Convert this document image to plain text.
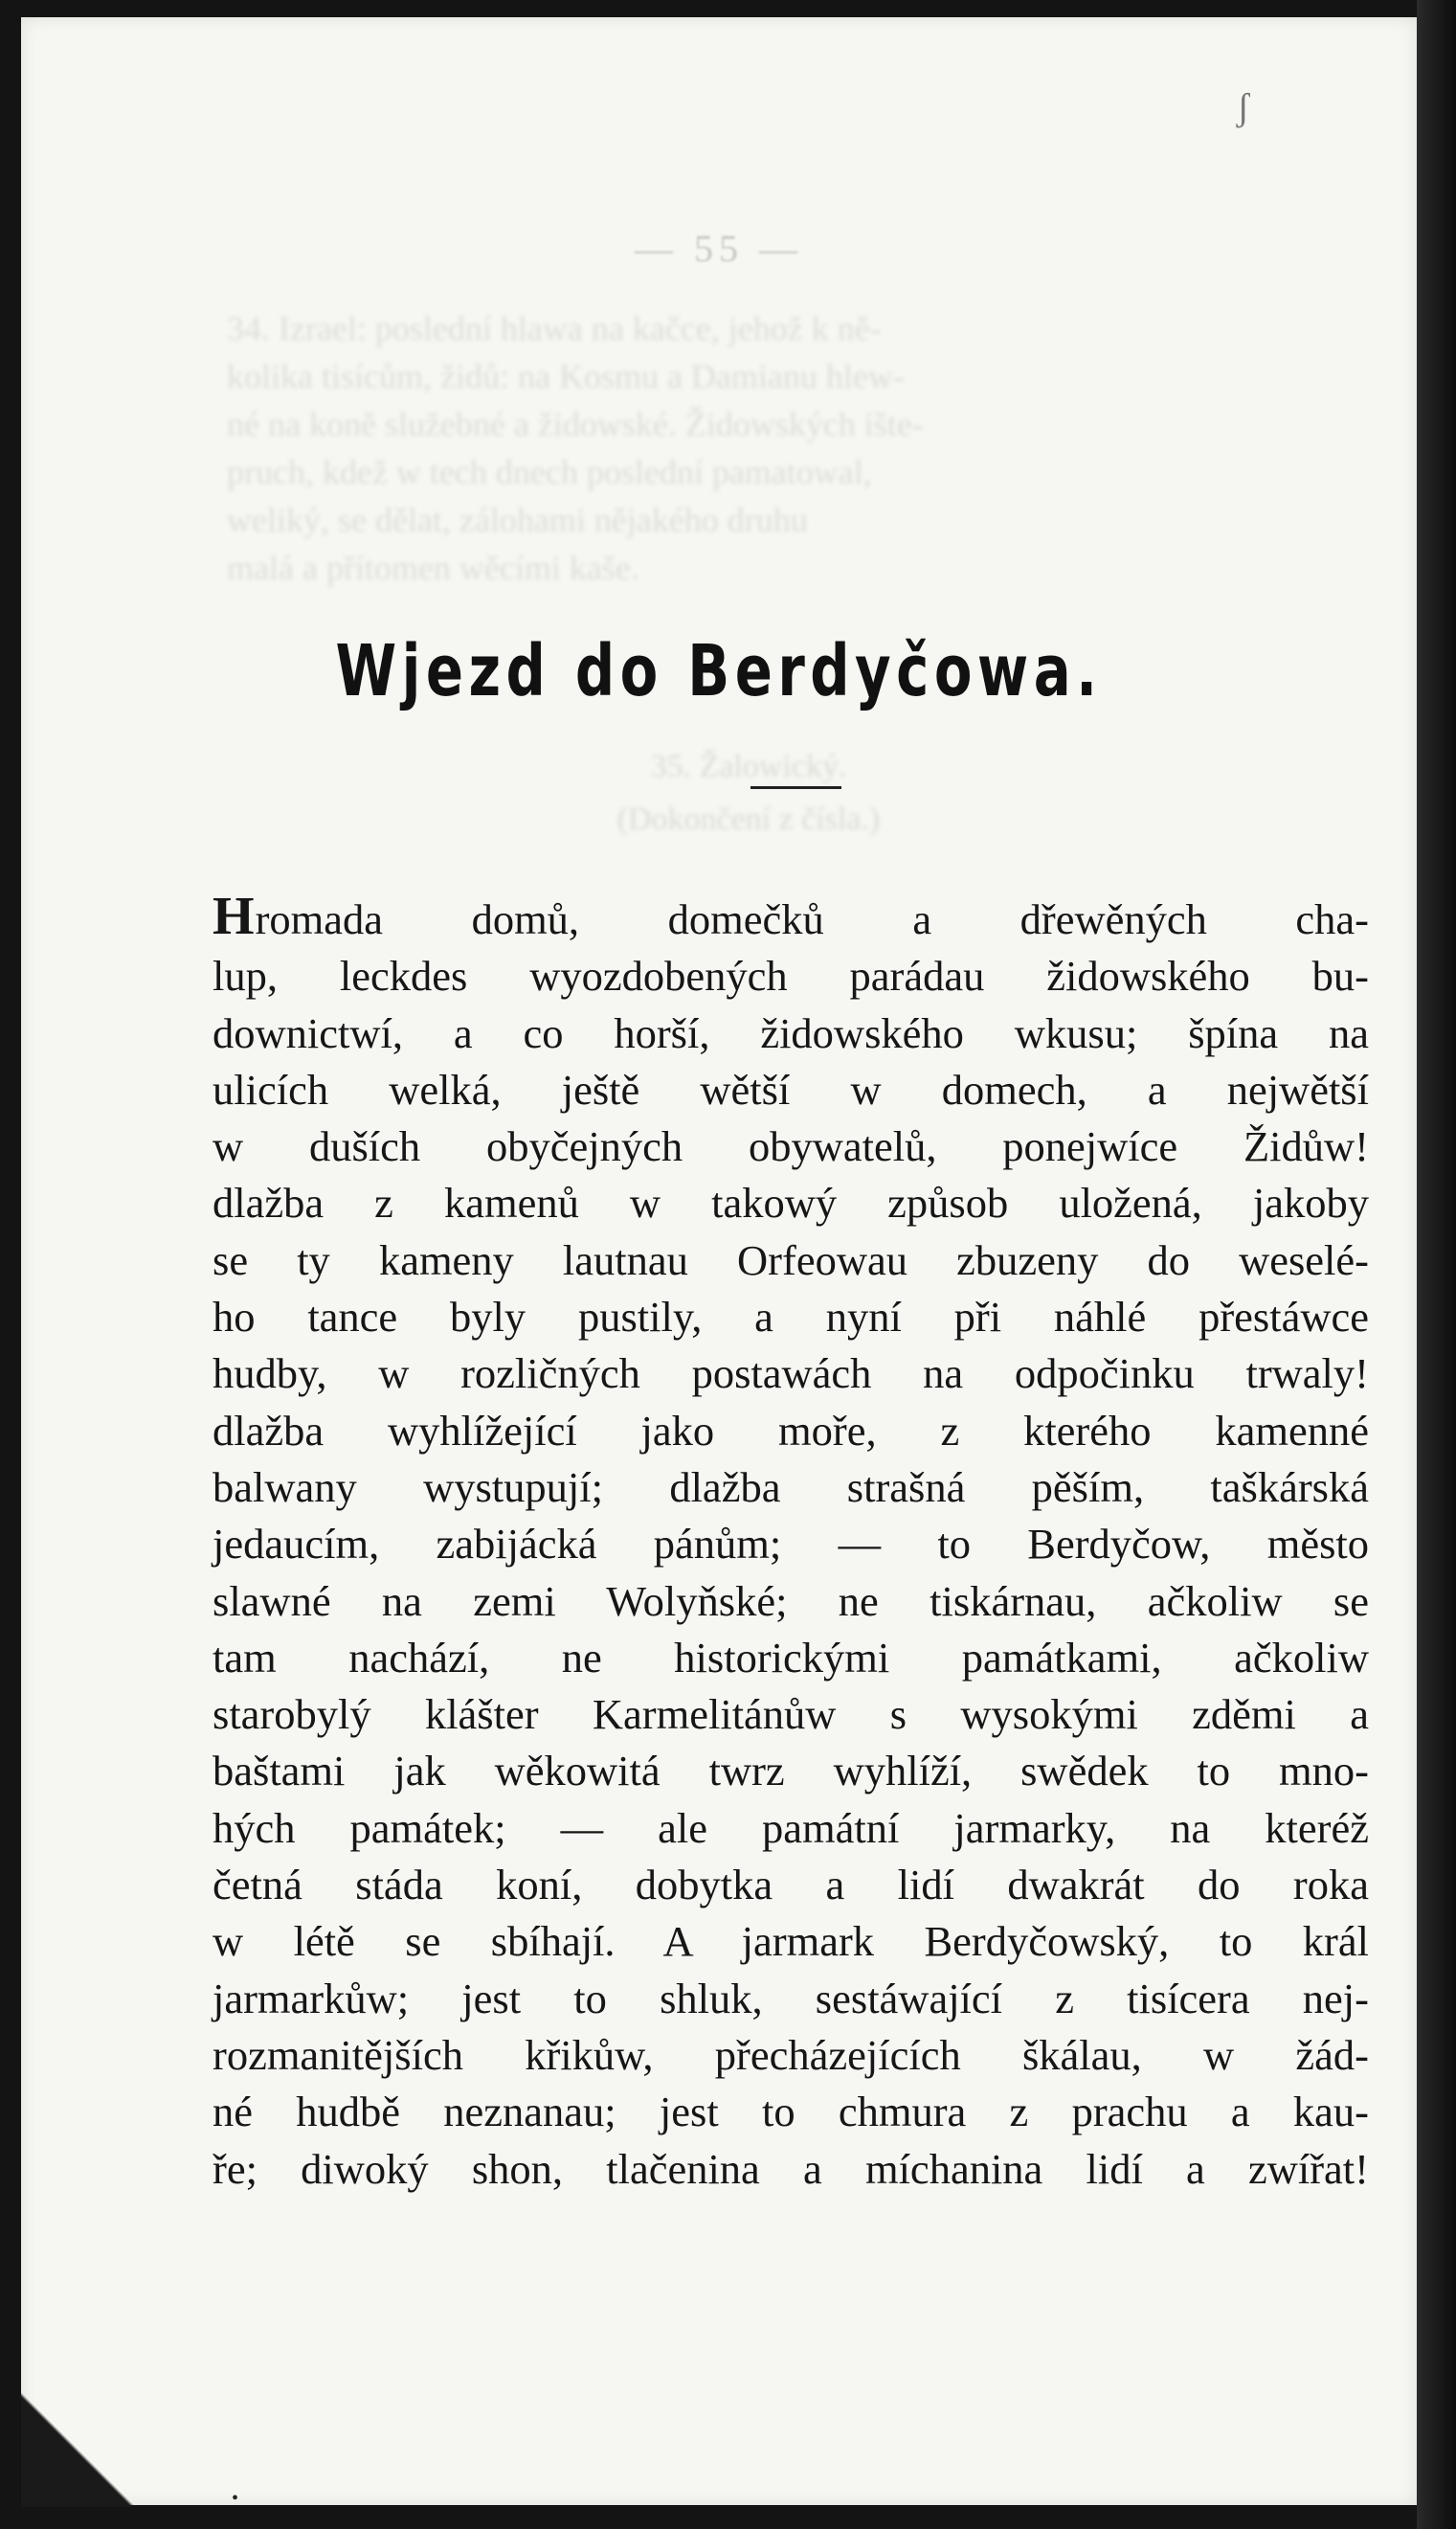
— 55 —

34. Izrael: poslední hlawa na kačce, jehož k ně-

kolika tisícům, židů: na Kosmu a Damianu hlew-

né na koně služebné a židowské. Židowských ište-

pruch, kdež w tech dnech poslední pamatowal,

weliký, se dělat, zálohami nějakého druhu

malá a přítomen wěcími kaše.

35. Žalowický.
(Dokončení z čísla.)
Wjezd do Berdyčowa.
Hromada domů, domečků a dřewěných cha-
lup, leckdes wyozdobených parádau židowského bu-
downictwí, a co horší, židowského wkusu; špína na
ulicích welká, ještě wětší w domech, a nejwětší
w duších obyčejných obywatelů, ponejwíce Židůw!
dlažba z kamenů w takowý způsob uložená, jakoby
se ty kameny lautnau Orfeowau zbuzeny do weselé-
ho tance byly pustily, a nyní při náhlé přestáwce
hudby, w rozličných postawách na odpočinku trwaly!
dlažba wyhlížející jako moře, z kterého kamenné
balwany wystupují; dlažba strašná pěším, taškárská
jedaucím, zabijácká pánům; — to Berdyčow, město
slawné na zemi Wolyňské; ne tiskárnau, ačkoliw se
tam nachází, ne historickými památkami, ačkoliw
starobylý klášter Karmelitánůw s wysokými zděmi a
baštami jak wěkowitá twrz wyhlíží, swědek to mno-
hých památek; — ale památní jarmarky, na kteréž
četná stáda koní, dobytka a lidí dwakrát do roka
w létě se sbíhají. A jarmark Berdyčowský, to král
jarmarkůw; jest to shluk, sestáwající z tisícera nej-
rozmanitějších křikůw, přecházejících škálau, w žád-
né hudbě neznanau; jest to chmura z prachu a kau-
ře; diwoký shon, tlačenina a míchanina lidí a zwířat!
ʃ
•
